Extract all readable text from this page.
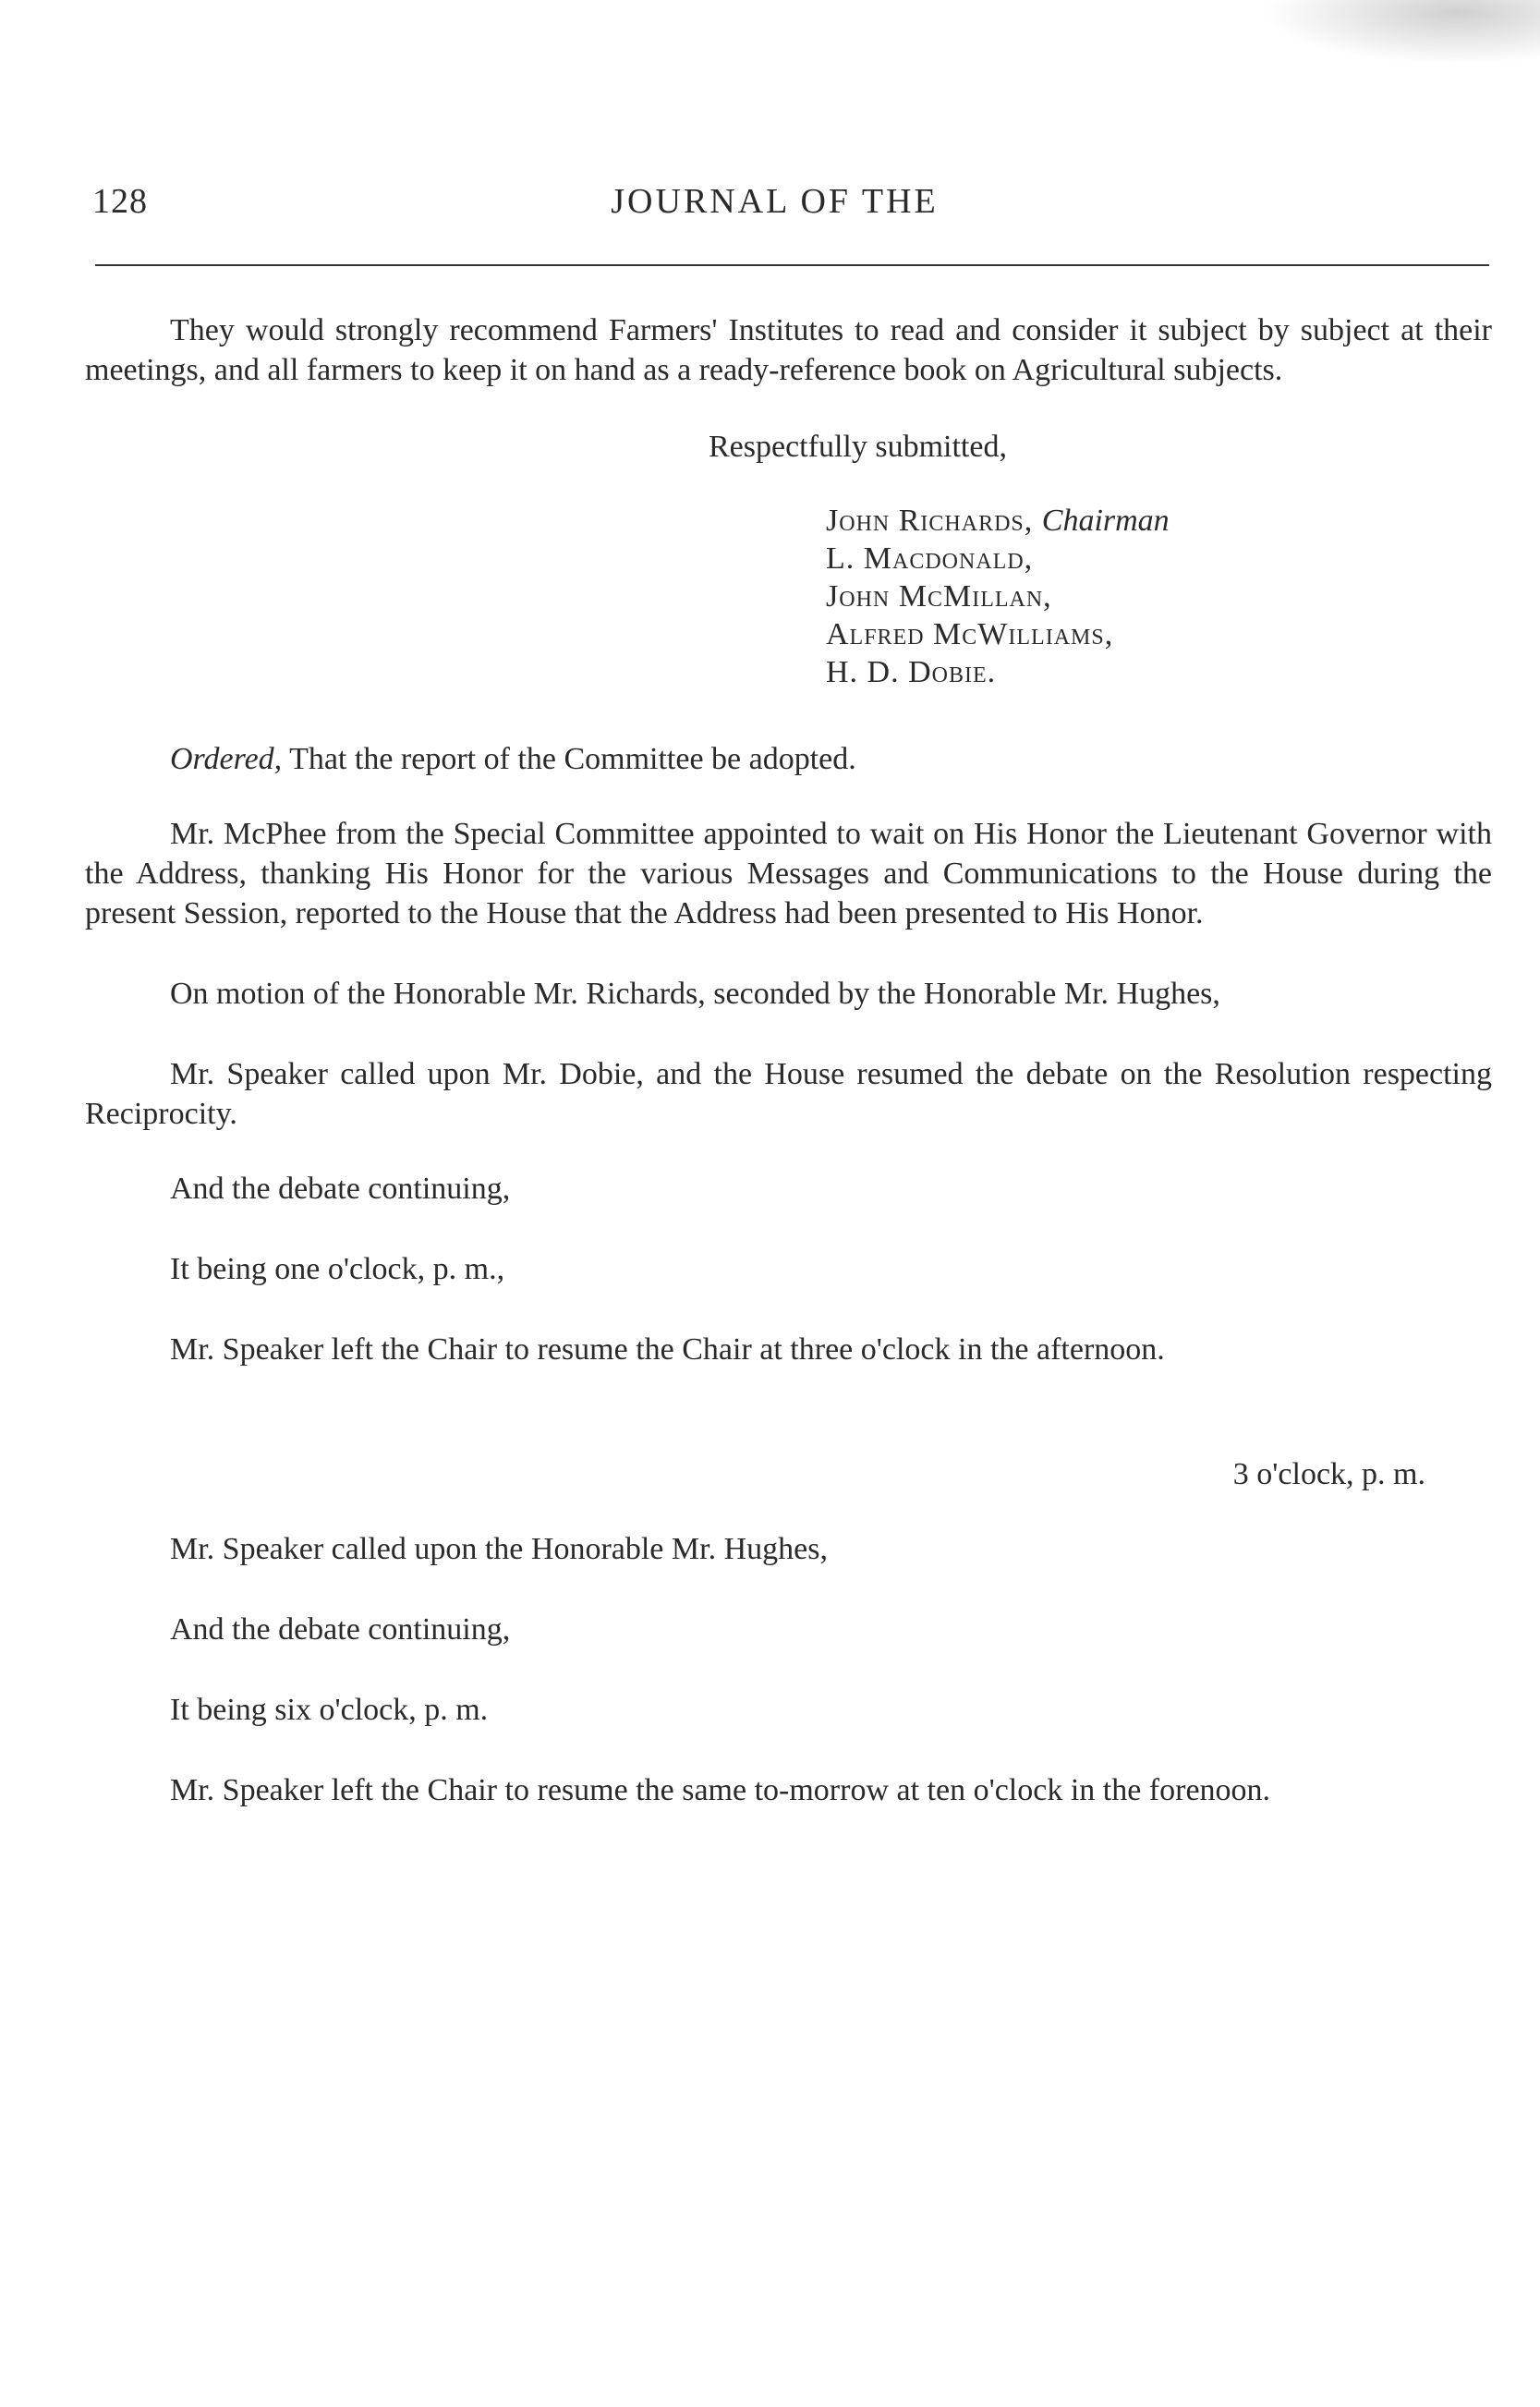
128	JOURNAL OF THE

They would strongly recommend Farmers' Institutes to read and consider it subject by subject at their meetings, and all farmers to keep it on hand as a ready-reference book on Agricultural subjects.

Respectfully submitted,

John Richards, Chairman
L. Macdonald,
John McMillan,
Alfred McWilliams,
H. D. Dobie.

Ordered, That the report of the Committee be adopted.

Mr. McPhee from the Special Committee appointed to wait on His Honor the Lieutenant Governor with the Address, thanking His Honor for the various Messages and Communications to the House during the present Session, reported to the House that the Address had been presented to His Honor.

On motion of the Honorable Mr. Richards, seconded by the Honorable Mr. Hughes,

Mr. Speaker called upon Mr. Dobie, and the House resumed the debate on the Resolution respecting Reciprocity.

And the debate continuing,

It being one o'clock, p. m.,

Mr. Speaker left the Chair to resume the Chair at three o'clock in the afternoon.

3 o'clock, p. m.

Mr. Speaker called upon the Honorable Mr. Hughes,

And the debate continuing,

It being six o'clock, p. m.

Mr. Speaker left the Chair to resume the same to-morrow at ten o'clock in the forenoon.
